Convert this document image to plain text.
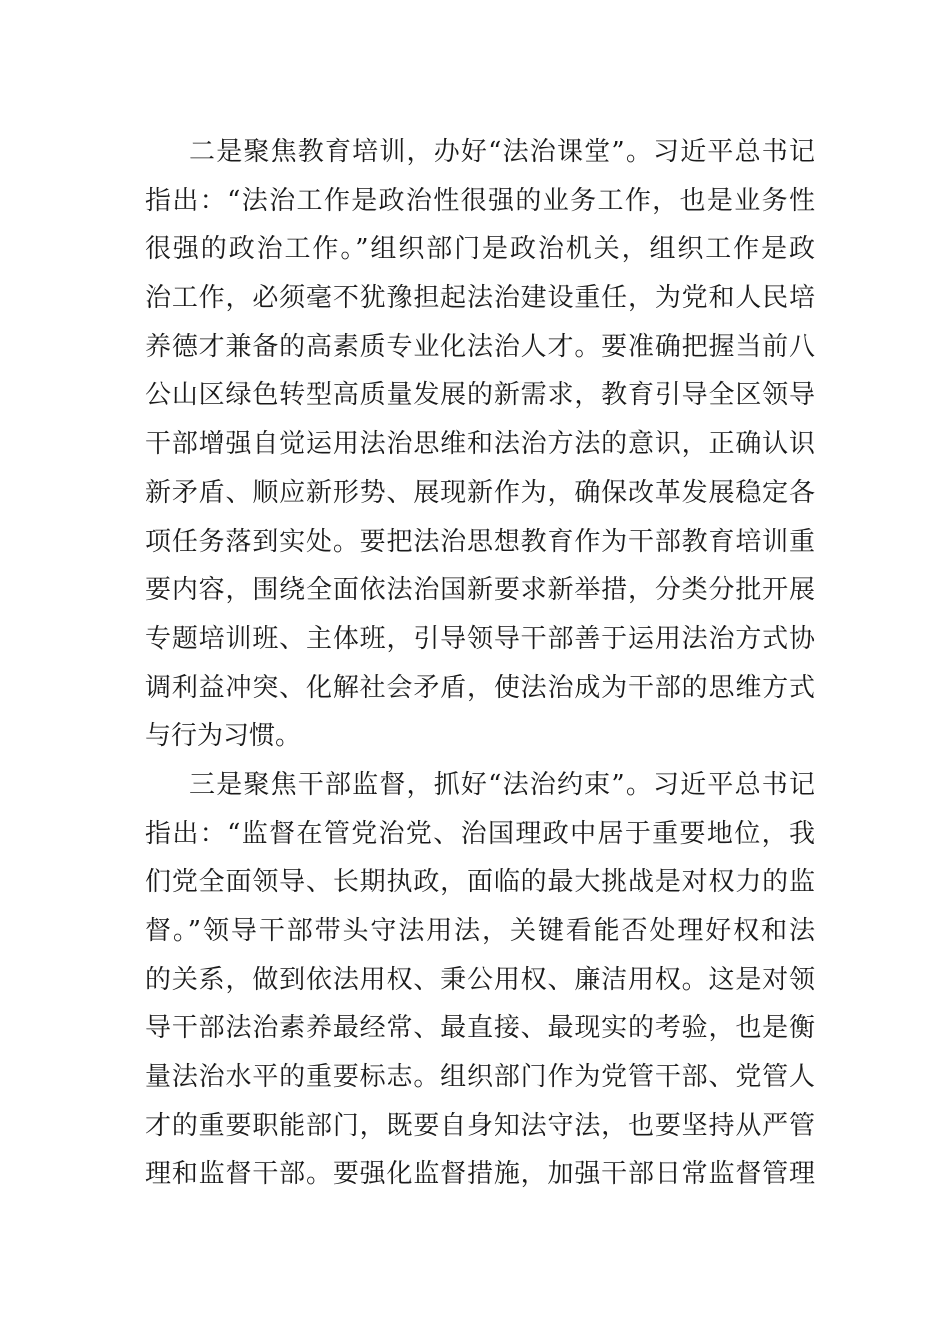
二是聚焦教育培训，办好“法治课堂”。习近平总书记
指出：“法治工作是政治性很强的业务工作，也是业务性
很强的政治工作。”组织部门是政治机关，组织工作是政
治工作，必须毫不犹豫担起法治建设重任，为党和人民培
养德才兼备的高素质专业化法治人才。要准确把握当前八
公山区绿色转型高质量发展的新需求，教育引导全区领导
干部增强自觉运用法治思维和法治方法的意识，正确认识
新矛盾、顺应新形势、展现新作为，确保改革发展稳定各
项任务落到实处。要把法治思想教育作为干部教育培训重
要内容，围绕全面依法治国新要求新举措，分类分批开展
专题培训班、主体班，引导领导干部善于运用法治方式协
调利益冲突、化解社会矛盾，使法治成为干部的思维方式
与行为习惯。
三是聚焦干部监督，抓好“法治约束”。习近平总书记
指出：“监督在管党治党、治国理政中居于重要地位，我
们党全面领导、长期执政，面临的最大挑战是对权力的监
督。”领导干部带头守法用法，关键看能否处理好权和法
的关系，做到依法用权、秉公用权、廉洁用权。这是对领
导干部法治素养最经常、最直接、最现实的考验，也是衡
量法治水平的重要标志。组织部门作为党管干部、党管人
才的重要职能部门，既要自身知法守法，也要坚持从严管
理和监督干部。要强化监督措施，加强干部日常监督管理
